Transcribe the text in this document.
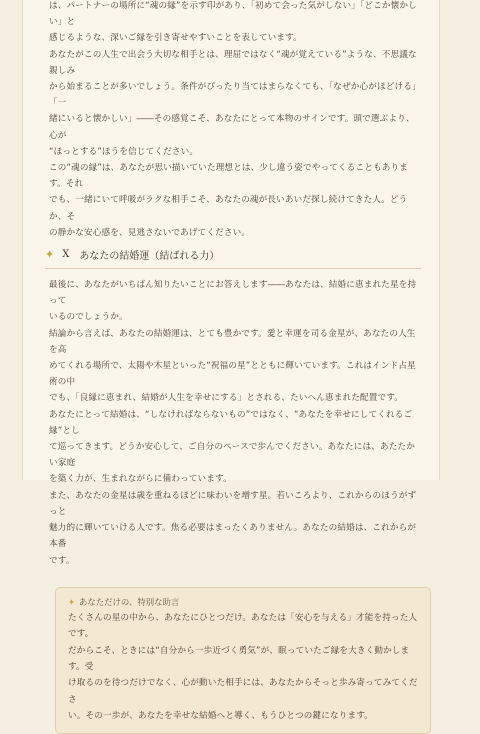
は、パートナーの場所に“魂の縁”を示す印があり、「初めて会った気がしない」「どこか懐かしい」と
感じるような、深いご縁を引き寄せやすいことを表しています。

あなたがこの人生で出会う大切な相手とは、理屈ではなく“魂が覚えている”ような、不思議な親しみ
から始まることが多いでしょう。条件がぴったり当てはまらなくても、「なぜか心がほどける」「一
緒にいると懐かしい」――その感覚こそ、あなたにとって本物のサインです。頭で選ぶより、心が
“ほっとする”ほうを信じてください。

この“魂の縁”は、あなたが思い描いていた理想とは、少し違う姿でやってくることもあります。それ
でも、一緒にいて呼吸がラクな相手こそ、あなたの魂が長いあいだ探し続けてきた人。どうか、そ
の静かな安心感を、見逃さないであげてください。

✦ X あなたの結婚運（結ばれる力）

最後に、あなたがいちばん知りたいことにお答えします――あなたは、結婚に恵まれた星を持って
いるのでしょうか。

結論から言えば、あなたの結婚運は、とても豊かです。愛と幸運を司る金星が、あなたの人生を高
めてくれる場所で、太陽や木星といった“祝福の星”とともに輝いています。これはインド占星術の中
でも、「良縁に恵まれ、結婚が人生を幸せにする」とされる、たいへん恵まれた配置です。

あなたにとって結婚は、“しなければならないもの”ではなく、“あなたを幸せにしてくれるご縁”とし
て巡ってきます。どうか安心して、ご自分のペースで歩んでください。あなたには、あたたかい家庭
を築く力が、生まれながらに備わっています。

また、あなたの金星は歳を重ねるほどに味わいを増す星。若いころより、これからのほうがずっと
魅力的に輝いていける人です。焦る必要はまったくありません。あなたの結婚は、これからが本番
です。

✦ あなただけの、特別な助言

たくさんの星の中から、あなたにひとつだけ。あなたは「安心を与える」才能を持った人です。
だからこそ、ときには“自分から一歩近づく勇気”が、眠っていたご縁を大きく動かします。受
け取るのを待つだけでなく、心が動いた相手には、あなたからそっと歩み寄ってみてくださ
い。その一歩が、あなたを幸せな結婚へと導く、もうひとつの鍵になります。
